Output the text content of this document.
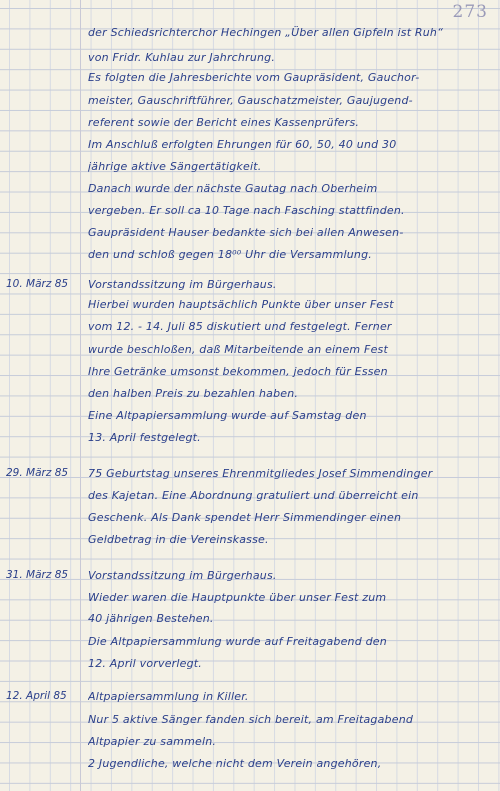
273
der Schiedsrichterchor Hechingen „Über allen Gipfeln ist Ruh“
von Fridr. Kuhlau zur Jahrchrung.
Es folgten die Jahresberichte vom Gaupräsident, Gauchor-
meister, Gauschriftführer, Gauschatzmeister, Gaujugend-
referent sowie der Bericht eines Kassenprüfers.
Im Anschluß erfolgten Ehrungen für 60, 50, 40 und 30
jährige aktive Sängertätigkeit.
Danach wurde der nächste Gautag nach Oberheim
vergeben. Er soll ca 10 Tage nach Fasching stattfinden.
Gaupräsident Hauser bedankte sich bei allen Anwesen-
den und schloß gegen 18⁰⁰ Uhr die Versammlung.
10. März 85	Vorstandssitzung im Bürgerhaus.
Hierbei wurden hauptsächlich Punkte über unser Fest
vom 12. - 14. Juli 85 diskutiert und festgelegt. Ferner
wurde beschloßen, daß Mitarbeitende an einem Fest
Ihre Getränke umsonst bekommen, jedoch für Essen
den halben Preis zu bezahlen haben.
Eine Altpapiersammlung wurde auf Samstag den
13. April festgelegt.
29. März 85	75 Geburtstag unseres Ehrenmitgliedes Josef Simmendinger
des Kajetan. Eine Abordnung gratuliert und überreicht ein
Geschenk. Als Dank spendet Herr Simmendinger einen
Geldbetrag in die Vereinskasse.
31. März 85	Vorstandssitzung im Bürgerhaus.
Wieder waren die Hauptpunkte über unser Fest zum
40 jährigen Bestehen.
Die Altpapiersammlung wurde auf Freitagabend den
12. April vorverlegt.
12. April 85	Altpapiersammlung in Killer.
Nur 5 aktive Sänger fanden sich bereit, am Freitagabend
Altpapier zu sammeln.
2 Jugendliche, welche nicht dem Verein angehören,
